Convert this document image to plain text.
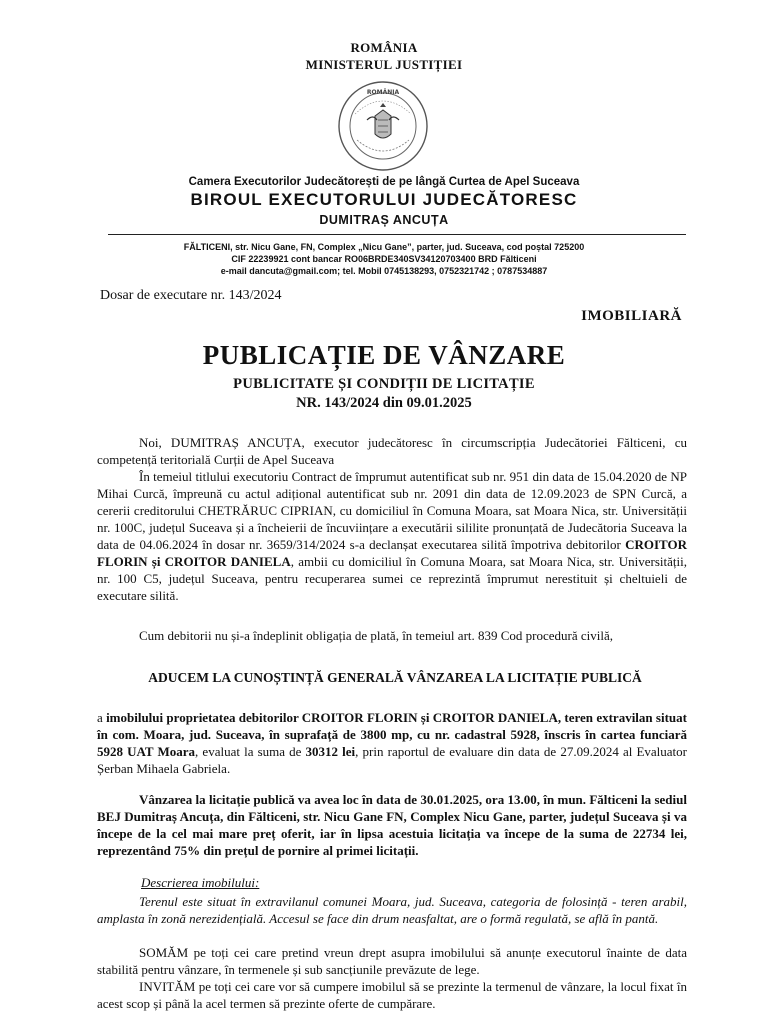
ROMÂNIA
MINISTERUL JUSTIȚIEI
ROMÂNIA
Camera Executorilor Judecătorești de pe lângă Curtea de Apel Suceava
BIROUL EXECUTORULUI JUDECĂTORESC
DUMITRAȘ ANCUȚA
FĂLTICENI, str. Nicu Gane, FN, Complex „Nicu Gane”, parter, jud. Suceava, cod poștal 725200
CIF 22239921 cont bancar RO06BRDE340SV34120703400 BRD Fălticeni
e-mail dancuta@gmail.com; tel. Mobil 0745138293, 0752321742 ; 0787534887
Dosar de executare nr. 143/2024
IMOBILIARĂ
PUBLICAȚIE DE VÂNZARE
PUBLICITATE ȘI CONDIȚII DE LICITAȚIE
NR. 143/2024 din 09.01.2025

Noi, DUMITRAȘ ANCUȚA, executor judecătoresc în circumscripția Judecătoriei Fălticeni, cu competență teritorială Curții de Apel Suceava

În temeiul titlului executoriu Contract de împrumut autentificat sub nr. 951 din data de 15.04.2020 de NP Mihai Curcă, împreună cu actul adițional autentificat sub nr. 2091 din data de 12.09.2023 de SPN Curcă, a cererii creditorului CHETRĂRUC CIPRIAN, cu domiciliul în Comuna Moara, sat Moara Nica, str. Universității nr. 100C, județul Suceava și a încheierii de încuviințare a executării sililite pronunțată de Judecătoria Suceava la data de 04.06.2024 în dosar nr. 3659/314/2024 s-a declanșat executarea silită împotriva debitorilor CROITOR FLORIN și CROITOR DANIELA, ambii cu domiciliul în Comuna Moara, sat Moara Nica, str. Universității, nr. 100 C5, județul Suceava, pentru recuperarea sumei ce reprezintă împrumut nerestituit și cheltuieli de executare silită.

Cum debitorii nu și-a îndeplinit obligația de plată, în temeiul art. 839 Cod procedură civilă,

ADUCEM LA CUNOȘTINȚĂ GENERALĂ VÂNZAREA LA LICITAȚIE PUBLICĂ

a imobilului proprietatea debitorilor CROITOR FLORIN și CROITOR DANIELA, teren extravilan situat în com. Moara, jud. Suceava, în suprafață de 3800 mp, cu nr. cadastral 5928, înscris în cartea funciară 5928 UAT Moara, evaluat la suma de 30312 lei, prin raportul de evaluare din data de 27.09.2024 al Evaluator Șerban Mihaela Gabriela.

Vânzarea la licitație publică va avea loc în data de 30.01.2025, ora 13.00, în mun. Fălticeni la sediul BEJ Dumitraș Ancuța, din Fălticeni, str. Nicu Gane FN, Complex Nicu Gane, parter, județul Suceava și va începe de la cel mai mare preț oferit, iar în lipsa acestuia licitația va începe de la suma de 22734 lei, reprezentând 75% din prețul de pornire al primei licitații.

Descrierea imobilului:

Terenul este situat în extravilanul comunei Moara, jud. Suceava, categoria de folosință - teren arabil, amplasta în zonă nerezidențială. Accesul se face din drum neasfaltat, are o formă regulată, se află în pantă.

SOMĂM pe toți cei care pretind vreun drept asupra imobilului să anunțe executorul înainte de data stabilită pentru vânzare, în termenele și sub sancțiunile prevăzute de lege.

INVITĂM pe toți cei care vor să cumpere imobilul să se prezinte la termenul de vânzare, la locul fixat în acest scop și până la acel termen să prezinte oferte de cumpărare.
